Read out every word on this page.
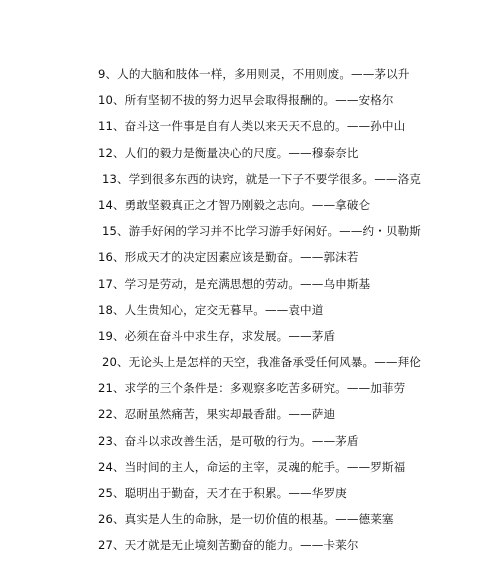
9、人的大脑和肢体一样，多用则灵，不用则废。——茅以升
10、所有坚韧不拔的努力迟早会取得报酬的。——安格尔
11、奋斗这一件事是自有人类以来天天不息的。——孙中山
12、人们的毅力是衡量决心的尺度。——穆泰奈比
13、学到很多东西的诀窍，就是一下子不要学很多。——洛克
14、勇敢坚毅真正之才智乃刚毅之志向。——拿破仑
15、游手好闲的学习并不比学习游手好闲好。——约・贝勒斯
16、形成天才的决定因素应该是勤奋。——郭沫若
17、学习是劳动，是充满思想的劳动。——乌申斯基
18、人生贵知心，定交无暮早。——袁中道
19、必须在奋斗中求生存，求发展。——茅盾
20、无论头上是怎样的天空，我准备承受任何风暴。——拜伦
21、求学的三个条件是：多观察多吃苦多研究。——加菲劳
22、忍耐虽然痛苦，果实却最香甜。——萨迪
23、奋斗以求改善生活，是可敬的行为。——茅盾
24、当时间的主人，命运的主宰，灵魂的舵手。——罗斯福
25、聪明出于勤奋，天才在于积累。——华罗庚
26、真实是人生的命脉，是一切价值的根基。——德莱塞
27、天才就是无止境刻苦勤奋的能力。——卡莱尔
